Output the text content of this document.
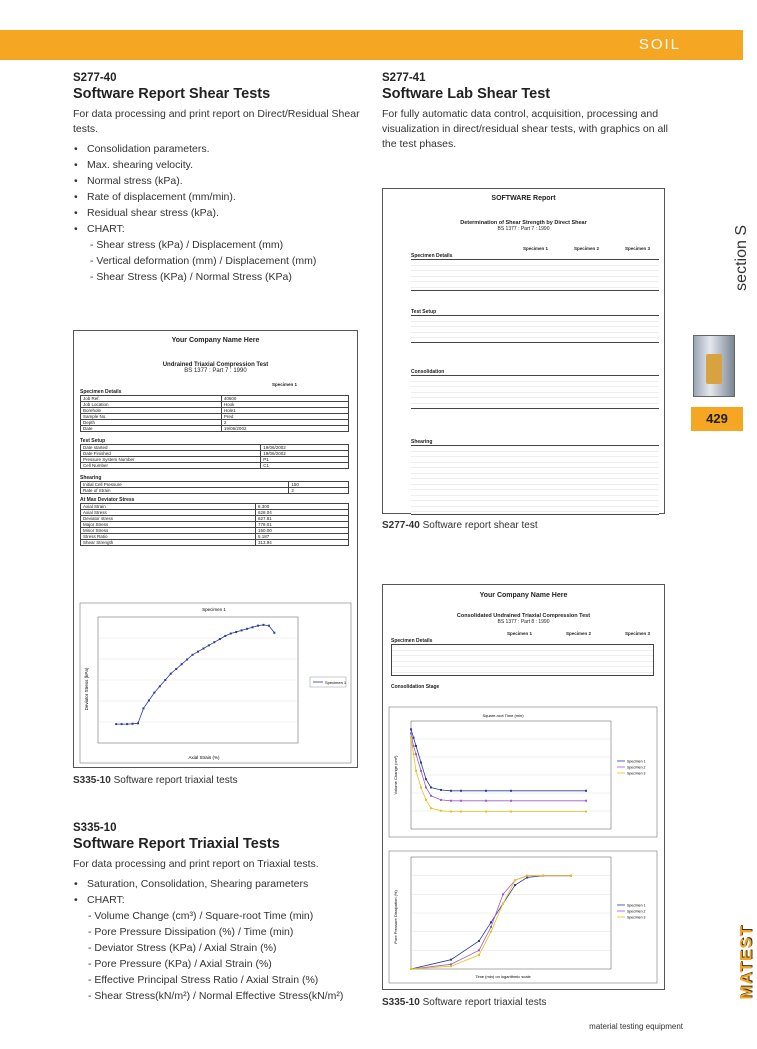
SOIL
S277-40
Software Report Shear Tests
For data processing and print report on Direct/Residual Shear tests.
• Consolidation parameters.
• Max. shearing velocity.
• Normal stress (kPa).
• Rate of displacement (mm/min).
• Residual shear stress (kPa).
• CHART:
- Shear stress (kPa) / Displacement (mm)
- Vertical deformation (mm) / Displacement (mm)
- Shear Stress (KPa) / Normal Stress (KPa)
Your Company Name Here
Undrained Triaxial Compression Test
BS 1377 : Part 7 : 1990
Specimen 1
Specimen Details
Job Ref.	40600
Job Location	Hook
Borehole	Hole1
Sample No.	Pred
Depth	2
Date	19/06/2002
Test Setup
Date started	19/06/2002
Date Finished	19/06/2002
Pressure System Number	P1
Cell Number	C1
Shearing
Initial Cell Pressure	150
Rate of Strain	2
At Max Deviator Stress
Axial Strain	8.300
Axial Stress	628.04
Deviator stress	627.81
Major Stress	778.01
Minor Stress	150.00
Stress Ratio	5.187
Shear Strength	313.94
Specimen 1
Axial Strain (%)
Deviator Stress (kPa)	Specimen 1
S335-10 Software report triaxial tests
S335-10
Software Report Triaxial Tests
For data processing and print report on Triaxial tests.
• Saturation, Consolidation, Shearing parameters
• CHART:
- Volume Change (cm³) / Square-root Time (min)
- Pore Pressure Dissipation (%) / Time (min)
- Deviator Stress (KPa) / Axial Strain (%)
- Pore Pressure (KPa) / Axial Strain (%)
- Effective Principal Stress Ratio / Axial Strain (%)
- Shear Stress(kN/m²) / Normal Effective Stress(kN/m²)
S277-41
Software Lab Shear Test
For fully automatic data control, acquisition, processing and visualization in direct/residual shear tests, with graphics on all the test phases.
SOFTWARE Report
Determination of Shear Strength by Direct Shear
BS 1377 : Part 7 : 1990
Specimen 1	Specimen 2	Specimen 3
Specimen Details
Test Setup
Consolidation
Shearing
S277-40 Software report shear test
Your Company Name Here
Consolidated Undrained Triaxial Compression Test
BS 1377 : Part 8 : 1990
Specimen 1	Specimen 2	Specimen 3
Specimen Details
Consolidation Stage
Square-root Time (min)
Volume Change (cm³)	Specimen 1
Specimen 2
Specimen 3
Time (min) on logarithmic scale
Pore Pressure Dissipation (%)	Specimen 1
Specimen 2
Specimen 3
S335-10 Software report triaxial tests
section S
429
MATEST
material testing equipment
